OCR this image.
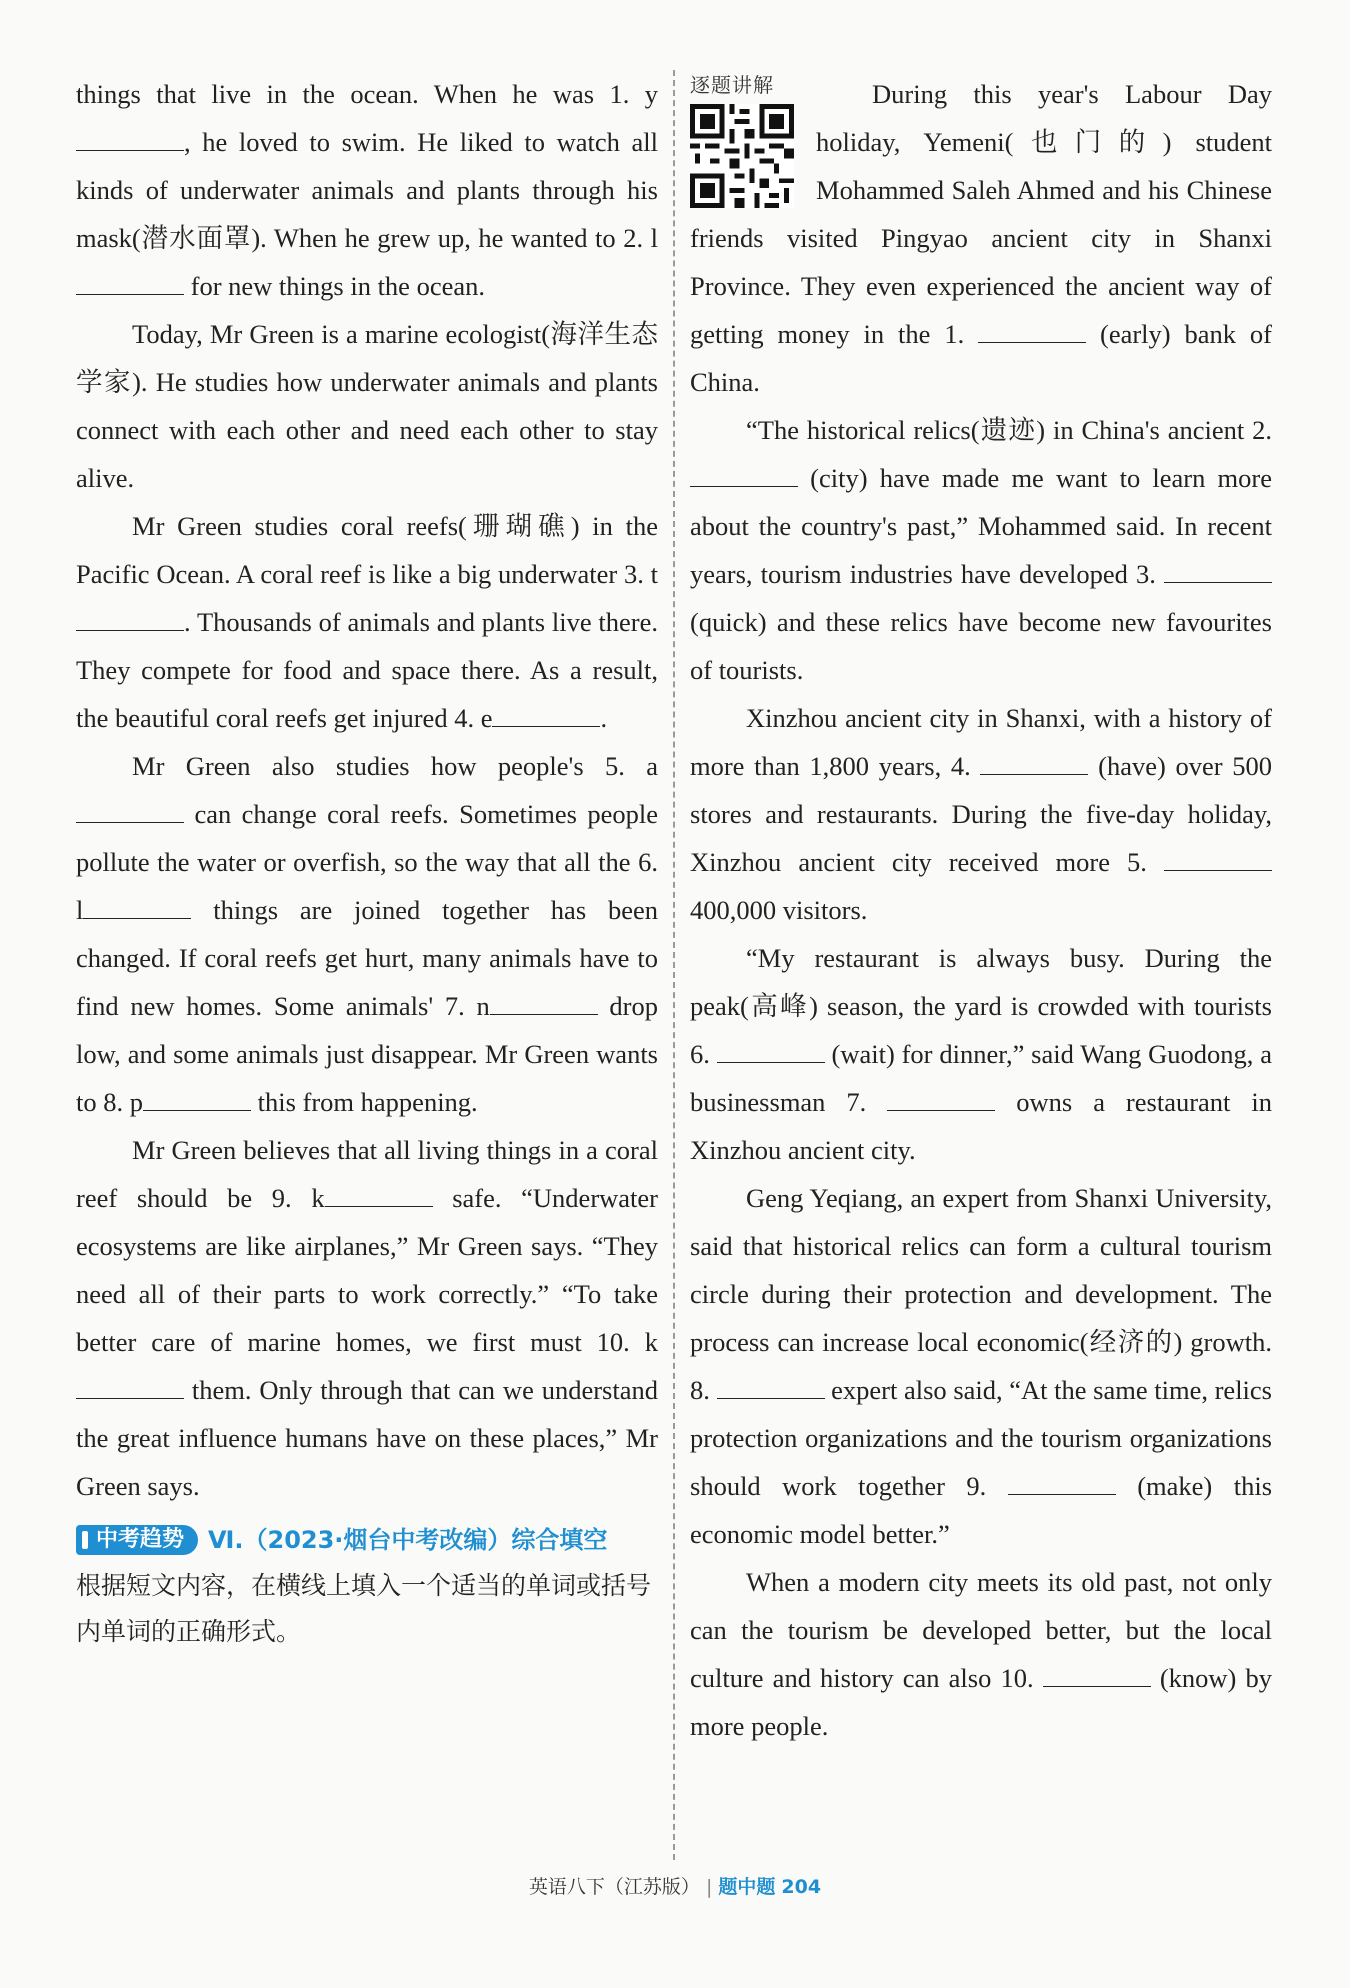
things that live in the ocean. When he was 1. y, he loved to swim. He liked to watch all kinds of underwater animals and plants through his mask(潜水面罩). When he grew up, he wanted to 2. l for new things in the ocean.

Today, Mr Green is a marine ecologist(海洋生态学家). He studies how underwater animals and plants connect with each other and need each other to stay alive.

Mr Green studies coral reefs(珊瑚礁) in the Pacific Ocean. A coral reef is like a big underwater 3. t. Thousands of animals and plants live there. They compete for food and space there. As a result, the beautiful coral reefs get injured 4. e	.

Mr Green also studies how people's 5. a can change coral reefs. Sometimes people pollute the water or overfish, so the way that all the 6. l	things are joined together has been changed. If coral reefs get hurt, many animals have to find new homes. Some animals' 7. n	drop low, and some animals just disappear. Mr Green wants to 8. p	this from happening.

Mr Green believes that all living things in a coral reef should be 9. k	safe. “Underwater ecosystems are like airplanes,” Mr Green says. “They need all of their parts to work correctly.” “To take better care of marine homes, we first must 10. k them. Only through that can we understand the great influence humans have on these places,” Mr Green says.

中考趋势 Ⅵ.（2023·烟台中考改编）综合填空
根据短文内容，在横线上填入一个适当的单词或括号内单词的正确形式。
逐题讲解	During this year's Labour Day holiday, Yemeni(也门的) student Mohammed Saleh Ahmed and his Chinese friends visited Pingyao ancient city in Shanxi Province. They even experienced the ancient way of getting money in the 1.	(early) bank of China.

“The historical relics(遗迹) in China's ancient 2.  (city) have made me want to learn more about the country's past,” Mohammed said. In recent years, tourism industries have developed 3.  (quick) and these relics have become new favourites of tourists.

Xinzhou ancient city in Shanxi, with a history of more than 1,800 years, 4.	(have) over 500 stores and restaurants. During the five-day holiday, Xinzhou ancient city received more 5.  400,000 visitors.

“My restaurant is always busy. During the peak(高峰) season, the yard is crowded with tourists 6.	(wait) for dinner,” said Wang Guodong, a businessman 7.	owns a restaurant in Xinzhou ancient city.

Geng Yeqiang, an expert from Shanxi University, said that historical relics can form a cultural tourism circle during their protection and development. The process can increase local economic(经济的) growth. 8.	expert also said, “At the same time, relics protection organizations and the tourism organizations should work together 9.	(make) this economic model better.”

When a modern city meets its old past, not only can the tourism be developed better, but the local culture and history can also 10.	(know) by more people.

英语八下（江苏版） | 题中题 204
